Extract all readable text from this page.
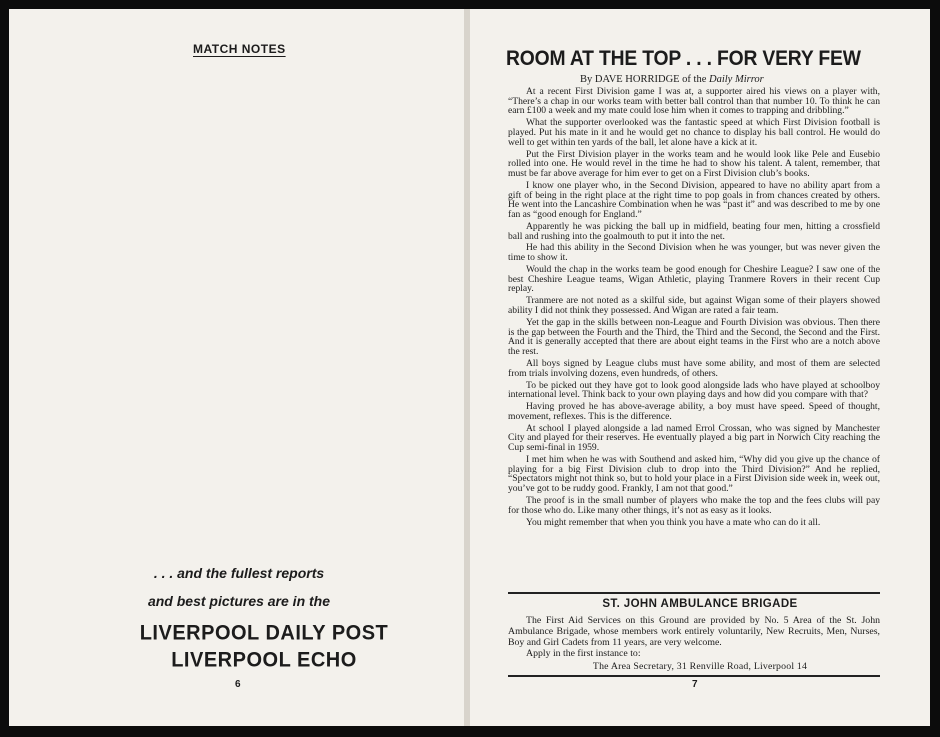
MATCH NOTES
. . . and the fullest reports
and best pictures are in the
LIVERPOOL DAILY POST
LIVERPOOL ECHO
6
ROOM AT THE TOP . . . FOR VERY FEW
By DAVE HORRIDGE of the Daily Mirror

At a recent First Division game I was at, a supporter aired his views on a player with, “There’s a chap in our works team with better ball control than that number 10. To think he can earn £100 a week and my mate could lose him when it comes to trapping and dribbling.”

What the supporter overlooked was the fantastic speed at which First Division football is played. Put his mate in it and he would get no chance to display his ball control. He would do well to get within ten yards of the ball, let alone have a kick at it.

Put the First Division player in the works team and he would look like Pele and Eusebio rolled into one. He would revel in the time he had to show his talent. A talent, remember, that must be far above average for him ever to get on a First Division club’s books.

I know one player who, in the Second Division, appeared to have no ability apart from a gift of being in the right place at the right time to pop goals in from chances created by others. He went into the Lancashire Combination when he was “past it” and was described to me by one fan as “good enough for England.”

Apparently he was picking the ball up in midfield, beating four men, hitting a crossfield ball and rushing into the goalmouth to put it into the net.

He had this ability in the Second Division when he was younger, but was never given the time to show it.

Would the chap in the works team be good enough for Cheshire League? I saw one of the best Cheshire League teams, Wigan Athletic, playing Tranmere Rovers in their recent Cup replay.

Tranmere are not noted as a skilful side, but against Wigan some of their players showed ability I did not think they possessed. And Wigan are rated a fair team.

Yet the gap in the skills between non-League and Fourth Division was obvious. Then there is the gap between the Fourth and the Third, the Third and the Second, the Second and the First. And it is generally accepted that there are about eight teams in the First who are a notch above the rest.

All boys signed by League clubs must have some ability, and most of them are selected from trials involving dozens, even hundreds, of others.

To be picked out they have got to look good alongside lads who have played at schoolboy international level. Think back to your own playing days and how did you compare with that?

Having proved he has above-average ability, a boy must have speed. Speed of thought, movement, reflexes. This is the difference.

At school I played alongside a lad named Errol Crossan, who was signed by Manchester City and played for their reserves. He eventually played a big part in Norwich City reaching the Cup semi-final in 1959.

I met him when he was with Southend and asked him, “Why did you give up the chance of playing for a big First Division club to drop into the Third Division?” And he replied, “Spectators might not think so, but to hold your place in a First Division side week in, week out, you’ve got to be ruddy good. Frankly, I am not that good.”

The proof is in the small number of players who make the top and the fees clubs will pay for those who do. Like many other things, it’s not as easy as it looks.

You might remember that when you think you have a mate who can do it all.

ST. JOHN AMBULANCE BRIGADE

The First Aid Services on this Ground are provided by No. 5 Area of the St. John Ambulance Brigade, whose members work entirely voluntarily, New Recruits, Men, Nurses, Boy and Girl Cadets from 11 years, are very welcome.

Apply in the first instance to:

The Area Secretary, 31 Renville Road, Liverpool 14
7
